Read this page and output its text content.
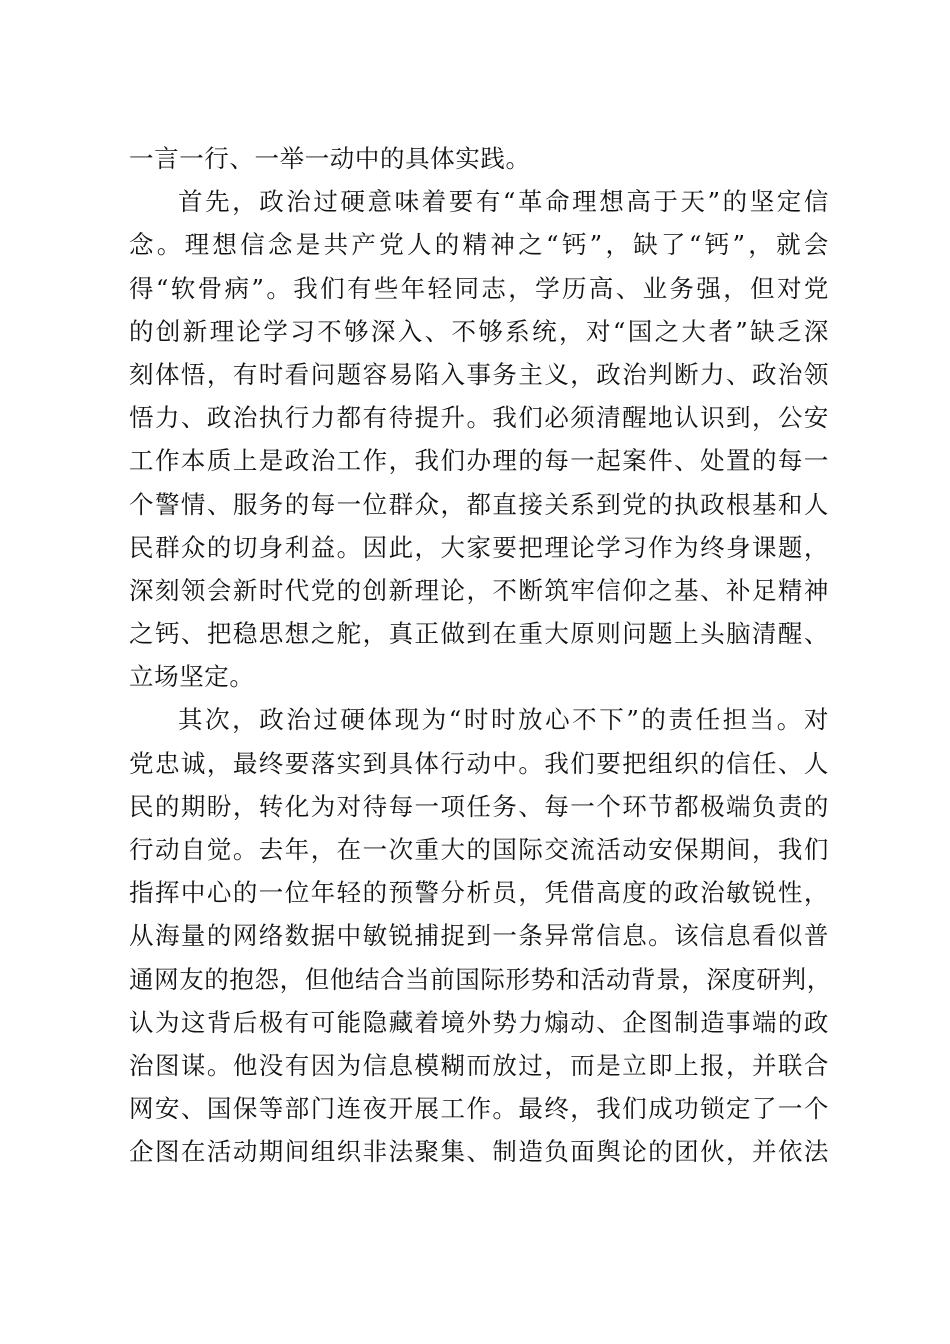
一言一行、一举一动中的具体实践。
首先，政治过硬意味着要有“革命理想高于天”的坚定信
念。理想信念是共产党人的精神之“钙”，缺了“钙”，就会
得“软骨病”。我们有些年轻同志，学历高、业务强，但对党
的创新理论学习不够深入、不够系统，对“国之大者”缺乏深
刻体悟，有时看问题容易陷入事务主义，政治判断力、政治领
悟力、政治执行力都有待提升。我们必须清醒地认识到，公安
工作本质上是政治工作，我们办理的每一起案件、处置的每一
个警情、服务的每一位群众，都直接关系到党的执政根基和人
民群众的切身利益。因此，大家要把理论学习作为终身课题，
深刻领会新时代党的创新理论，不断筑牢信仰之基、补足精神
之钙、把稳思想之舵，真正做到在重大原则问题上头脑清醒、
立场坚定。
其次，政治过硬体现为“时时放心不下”的责任担当。对
党忠诚，最终要落实到具体行动中。我们要把组织的信任、人
民的期盼，转化为对待每一项任务、每一个环节都极端负责的
行动自觉。去年，在一次重大的国际交流活动安保期间，我们
指挥中心的一位年轻的预警分析员，凭借高度的政治敏锐性，
从海量的网络数据中敏锐捕捉到一条异常信息。该信息看似普
通网友的抱怨，但他结合当前国际形势和活动背景，深度研判，
认为这背后极有可能隐藏着境外势力煽动、企图制造事端的政
治图谋。他没有因为信息模糊而放过，而是立即上报，并联合
网安、国保等部门连夜开展工作。最终，我们成功锁定了一个
企图在活动期间组织非法聚集、制造负面舆论的团伙，并依法
